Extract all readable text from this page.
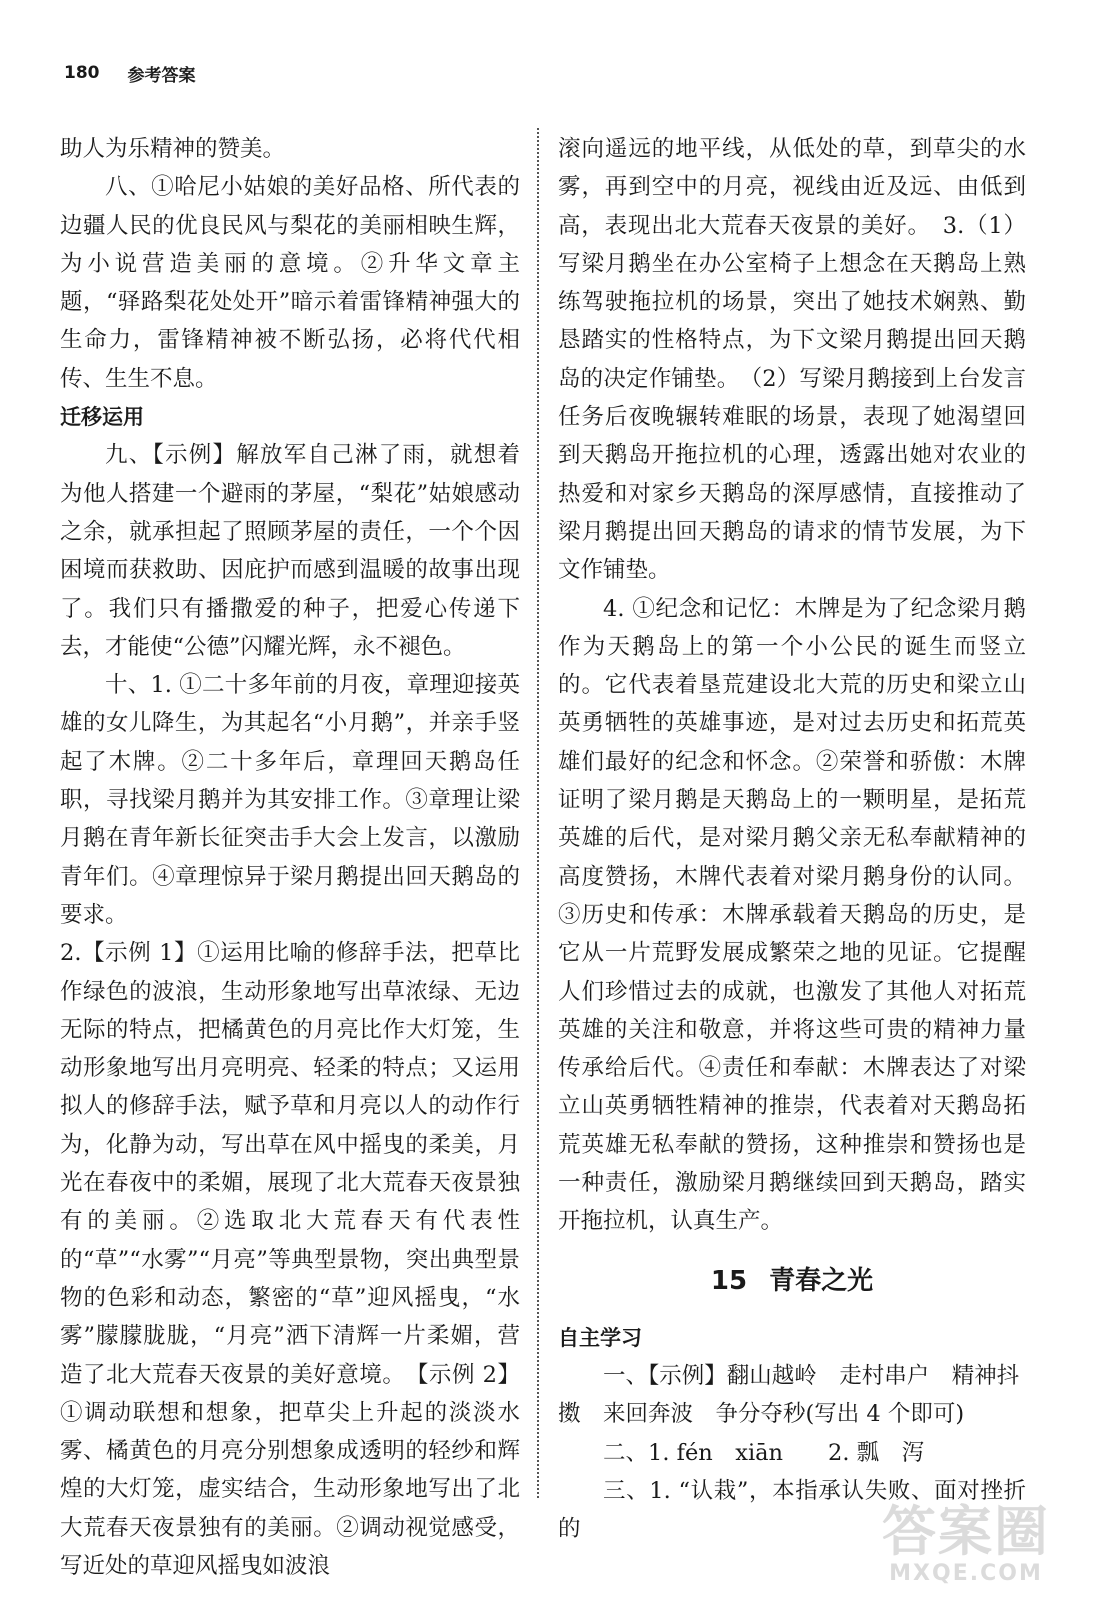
180 参考答案

助人为乐精神的赞美。

八、①哈尼小姑娘的美好品格、所代表的边疆人民的优良民风与梨花的美丽相映生辉，为小说营造美丽的意境。②升华文章主题，“驿路梨花处处开”暗示着雷锋精神强大的生命力，雷锋精神被不断弘扬，必将代代相传、生生不息。

迁移运用

九、【示例】解放军自己淋了雨，就想着为他人搭建一个避雨的茅屋，“梨花”姑娘感动之余，就承担起了照顾茅屋的责任，一个个因困境而获救助、因庇护而感到温暖的故事出现了。我们只有播撒爱的种子，把爱心传递下去，才能使“公德”闪耀光辉，永不褪色。

十、1. ①二十多年前的月夜，章理迎接英雄的女儿降生，为其起名“小月鹅”，并亲手竖起了木牌。②二十多年后，章理回天鹅岛任职，寻找梁月鹅并为其安排工作。③章理让梁月鹅在青年新长征突击手大会上发言，以激励青年们。④章理惊异于梁月鹅提出回天鹅岛的要求。

2.【示例 1】①运用比喻的修辞手法，把草比作绿色的波浪，生动形象地写出草浓绿、无边无际的特点，把橘黄色的月亮比作大灯笼，生动形象地写出月亮明亮、轻柔的特点；又运用拟人的修辞手法，赋予草和月亮以人的动作行为，化静为动，写出草在风中摇曳的柔美，月光在春夜中的柔媚，展现了北大荒春天夜景独有的美丽。②选取北大荒春天有代表性的“草”“水雾”“月亮”等典型景物，突出典型景物的色彩和动态，繁密的“草”迎风摇曳，“水雾”朦朦胧胧，“月亮”洒下清辉一片柔媚，营造了北大荒春天夜景的美好意境。　【示例 2】①调动联想和想象，把草尖上升起的淡淡水雾、橘黄色的月亮分别想象成透明的轻纱和辉煌的大灯笼，虚实结合，生动形象地写出了北大荒春天夜景独有的美丽。②调动视觉感受，写近处的草迎风摇曳如波浪

滚向遥远的地平线，从低处的草，到草尖的水雾，再到空中的月亮，视线由近及远、由低到高，表现出北大荒春天夜景的美好。　3.（1）写梁月鹅坐在办公室椅子上想念在天鹅岛上熟练驾驶拖拉机的场景，突出了她技术娴熟、勤恳踏实的性格特点，为下文梁月鹅提出回天鹅岛的决定作铺垫。　（2）写梁月鹅接到上台发言任务后夜晚辗转难眠的场景，表现了她渴望回到天鹅岛开拖拉机的心理，透露出她对农业的热爱和对家乡天鹅岛的深厚感情，直接推动了梁月鹅提出回天鹅岛的请求的情节发展，为下文作铺垫。

4. ①纪念和记忆：木牌是为了纪念梁月鹅作为天鹅岛上的第一个小公民的诞生而竖立的。它代表着垦荒建设北大荒的历史和梁立山英勇牺牲的英雄事迹，是对过去历史和拓荒英雄们最好的纪念和怀念。②荣誉和骄傲：木牌证明了梁月鹅是天鹅岛上的一颗明星，是拓荒英雄的后代，是对梁月鹅父亲无私奉献精神的高度赞扬，木牌代表着对梁月鹅身份的认同。③历史和传承：木牌承载着天鹅岛的历史，是它从一片荒野发展成繁荣之地的见证。它提醒人们珍惜过去的成就，也激发了其他人对拓荒英雄的关注和敬意，并将这些可贵的精神力量传承给后代。④责任和奉献：木牌表达了对梁立山英勇牺牲精神的推崇，代表着对天鹅岛拓荒英雄无私奉献的赞扬，这种推崇和赞扬也是一种责任，激励梁月鹅继续回到天鹅岛，踏实开拖拉机，认真生产。

15 青春之光
自主学习

一、【示例】翻山越岭　走村串户　精神抖

擞　来回奔波　争分夺秒(写出 4 个即可)

二、1. fén　xiān　　2. 瓢　泻

三、1. “认栽”，本指承认失败、面对挫折的	答案圈
MXQE.COM
